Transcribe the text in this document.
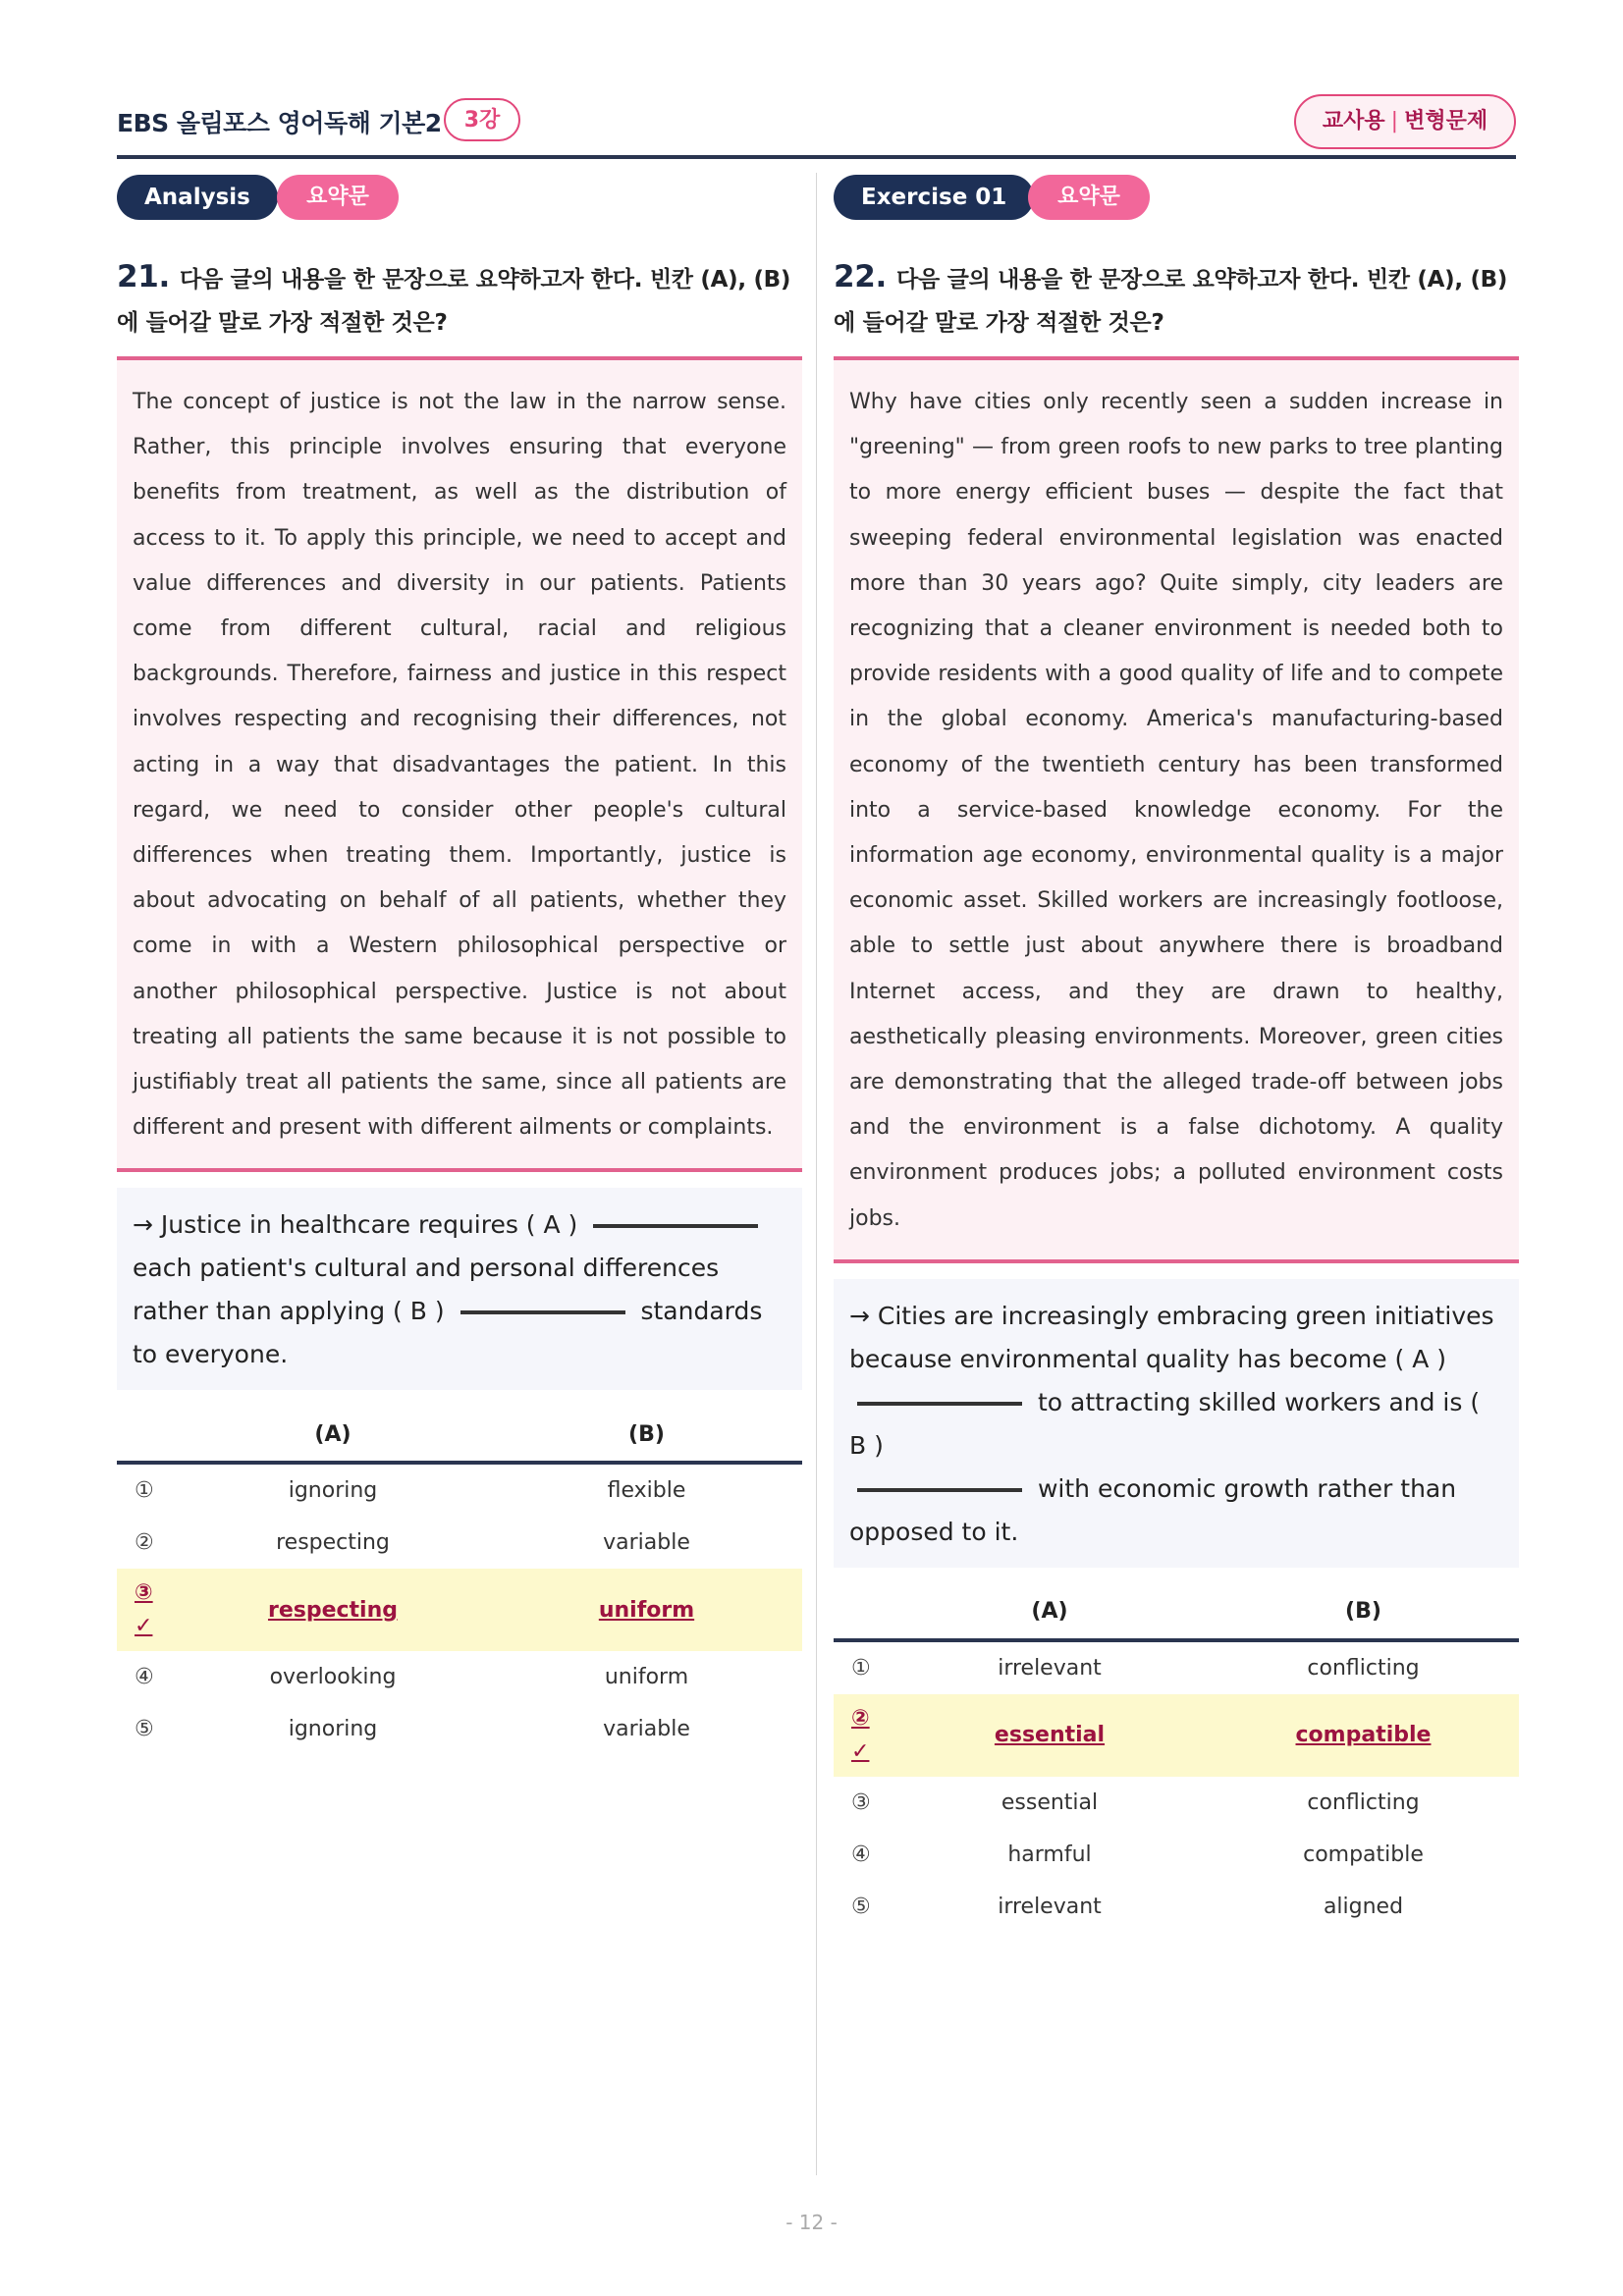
EBS 올림포스 영어독해 기본2	3강	교사용 | 변형문제
Analysis	요약문
21. 다음 글의 내용을 한 문장으로 요약하고자 한다. 빈칸 (A), (B)에 들어갈 말로 가장 적절한 것은?
The concept of justice is not the law in the narrow sense. Rather, this principle involves ensuring that everyone benefits from treatment, as well as the distribution of access to it. To apply this principle, we need to accept and value differences and diversity in our patients. Patients come from different cultural, racial and religious backgrounds. Therefore, fairness and justice in this respect involves respecting and recognising their differences, not acting in a way that disadvantages the patient. In this regard, we need to consider other people's cultural differences when treating them. Importantly, justice is about advocating on behalf of all patients, whether they come in with a Western philosophical perspective or another philosophical perspective. Justice is not about treating all patients the same because it is not possible to justifiably treat all patients the same, since all patients are different and present with different ailments or complaints.
→ Justice in healthcare requires ( A )
each patient's cultural and personal differences rather than applying ( B )	standards to everyone.
	(A)	(B)
①	ignoring	flexible
②	respecting	variable
③ ✓	respecting	uniform
④	overlooking	uniform
⑤	ignoring	variable
Exercise 01	요약문
22. 다음 글의 내용을 한 문장으로 요약하고자 한다. 빈칸 (A), (B)에 들어갈 말로 가장 적절한 것은?
Why have cities only recently seen a sudden increase in "greening" — from green roofs to new parks to tree planting to more energy efficient buses — despite the fact that sweeping federal environmental legislation was enacted more than 30 years ago? Quite simply, city leaders are recognizing that a cleaner environment is needed both to provide residents with a good quality of life and to compete in the global economy. America's manufacturing-based economy of the twentieth century has been transformed into a service-based knowledge economy. For the information age economy, environmental quality is a major economic asset. Skilled workers are increasingly footloose, able to settle just about anywhere there is broadband Internet access, and they are drawn to healthy, aesthetically pleasing environments. Moreover, green cities are demonstrating that the alleged trade-off between jobs and the environment is a false dichotomy. A quality environment produces jobs; a polluted environment costs jobs.
→ Cities are increasingly embracing green initiatives because environmental quality has become ( A )
to attracting skilled workers and is ( B )
with economic growth rather than opposed to it.
	(A)	(B)
①	irrelevant	conflicting
② ✓	essential	compatible
③	essential	conflicting
④	harmful	compatible
⑤	irrelevant	aligned
- 12 -
